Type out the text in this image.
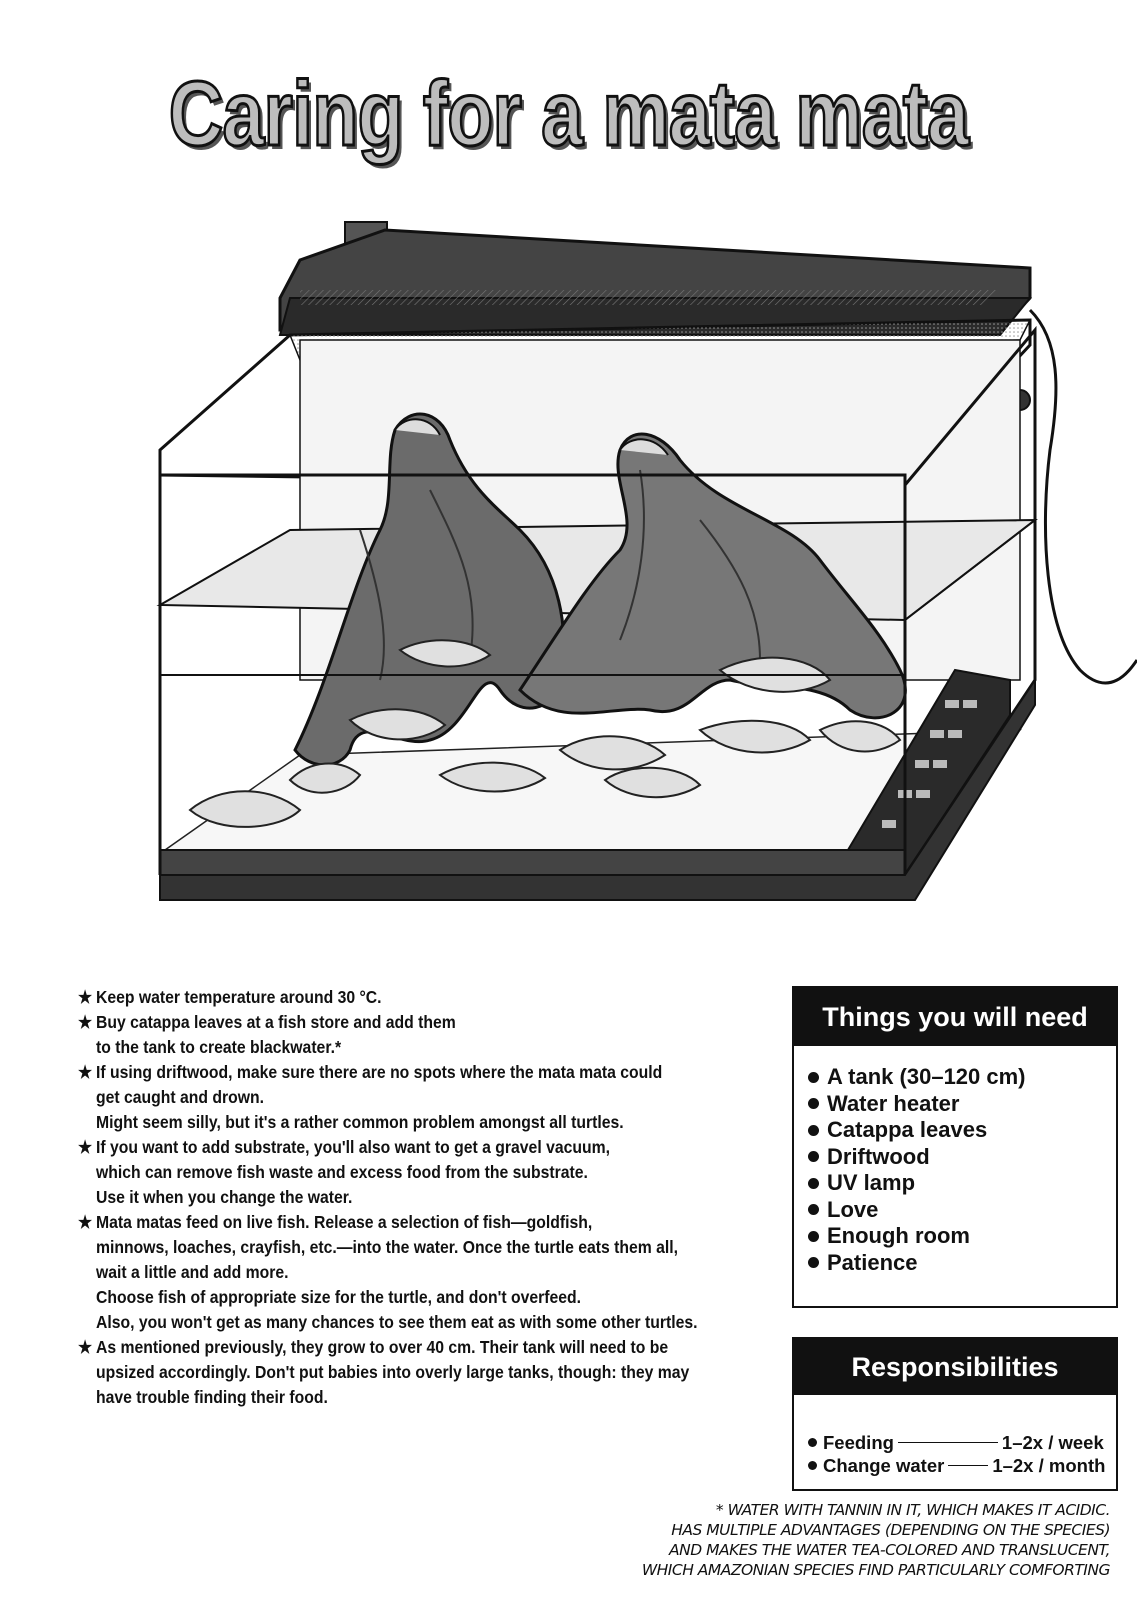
Caring for a mata mata
★ Keep water temperature around 30 °C.
★ Buy catappa leaves at a fish store and add them
to the tank to create blackwater.*
★ If using driftwood, make sure there are no spots where the mata mata could
get caught and drown.
Might seem silly, but it's a rather common problem amongst all turtles.
★ If you want to add substrate, you'll also want to get a gravel vacuum,
which can remove fish waste and excess food from the substrate.
Use it when you change the water.
★ Mata matas feed on live fish. Release a selection of fish—goldfish,
minnows, loaches, crayfish, etc.—into the water. Once the turtle eats them all,
wait a little and add more.
Choose fish of appropriate size for the turtle, and don't overfeed.
Also, you won't get as many chances to see them eat as with some other turtles.
★ As mentioned previously, they grow to over 40 cm. Their tank will need to be
upsized accordingly. Don't put babies into overly large tanks, though: they may
have trouble finding their food.
Things you will need
A tank (30–120 cm)
Water heater
Catappa leaves
Driftwood
UV lamp
Love
Enough room
Patience
Responsibilities
Feeding	1–2x / week
Change water	1–2x / month
* WATER WITH TANNIN IN IT, WHICH MAKES IT ACIDIC.
HAS MULTIPLE ADVANTAGES (DEPENDING ON THE SPECIES)
AND MAKES THE WATER TEA-COLORED AND TRANSLUCENT,
WHICH AMAZONIAN SPECIES FIND PARTICULARLY COMFORTING
